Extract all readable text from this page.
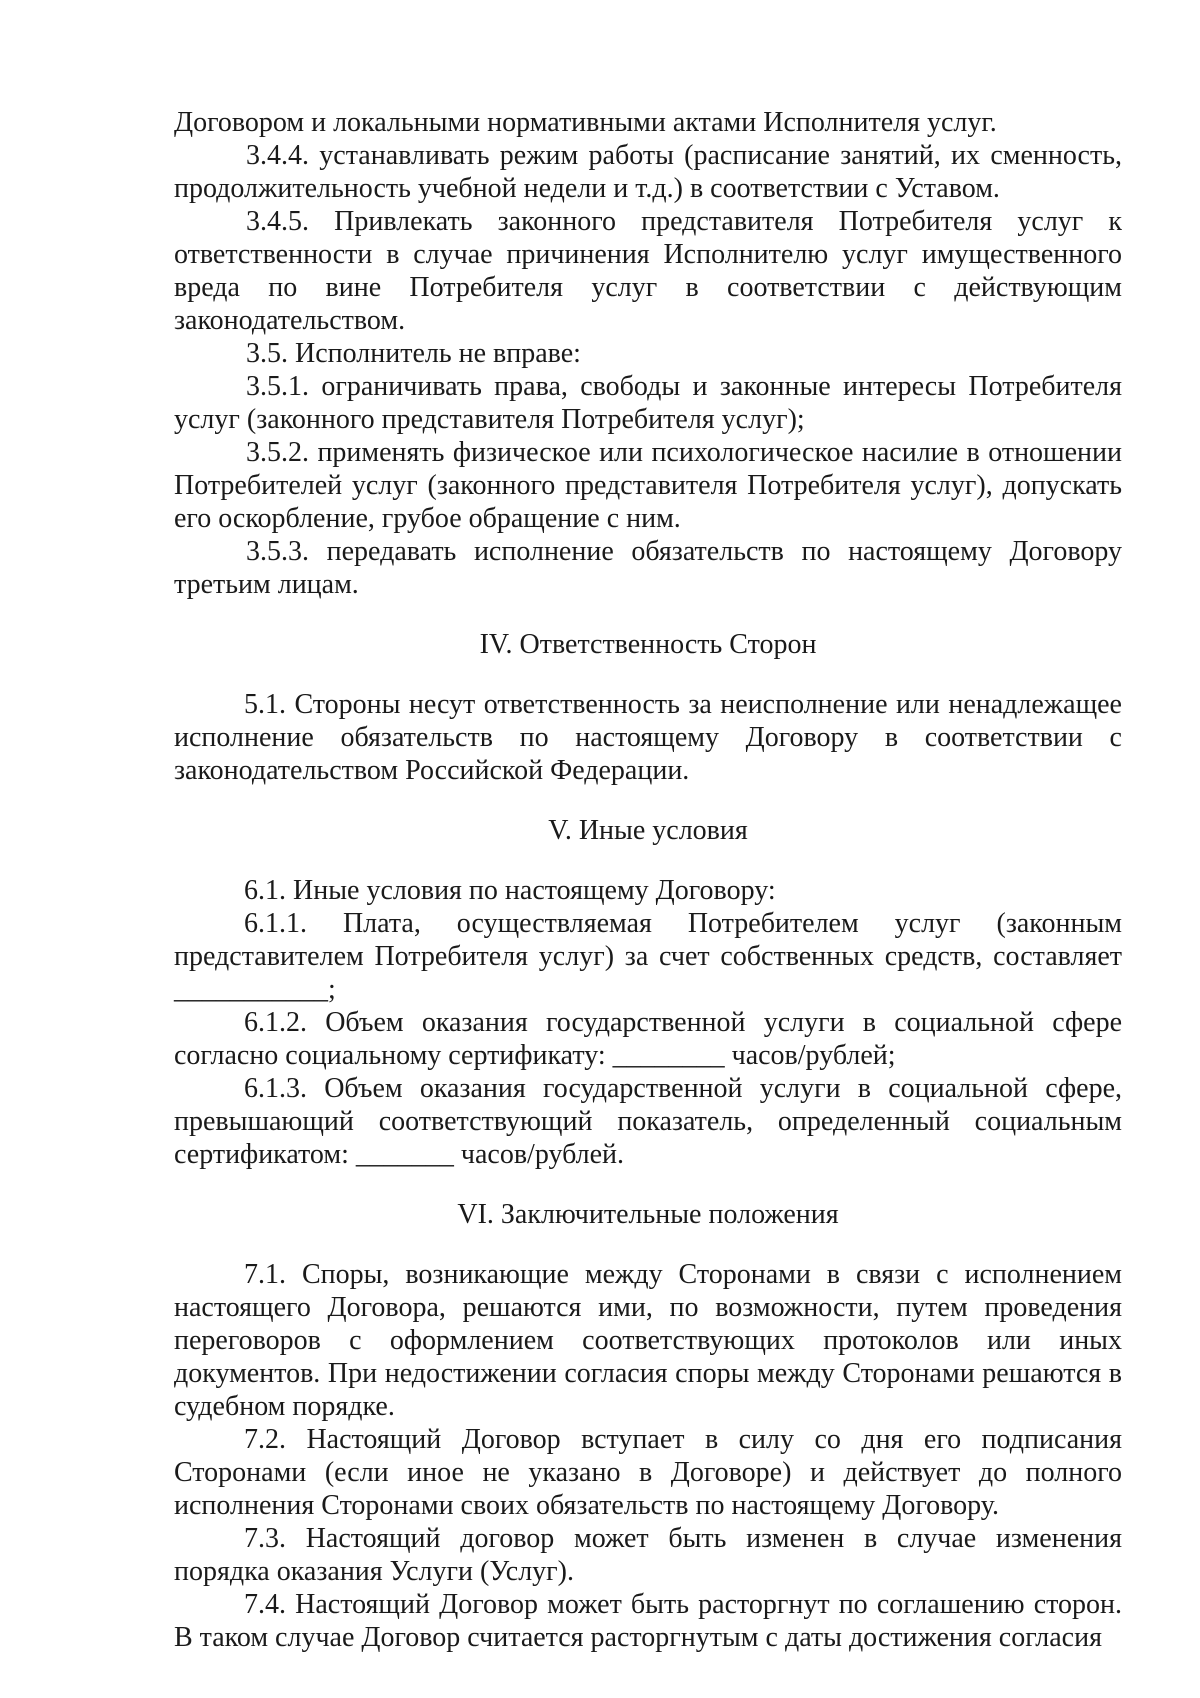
Договором и локальными нормативными актами Исполнителя услуг.

3.4.4. устанавливать режим работы (расписание занятий, их сменность, продолжительность учебной недели и т.д.) в соответствии с Уставом.

3.4.5. Привлекать законного представителя Потребителя услуг к ответственности в случае причинения Исполнителю услуг имущественного вреда по вине Потребителя услуг в соответствии с действующим законодательством.

3.5. Исполнитель не вправе:

3.5.1. ограничивать права, свободы и законные интересы Потребителя услуг (законного представителя Потребителя услуг);

3.5.2. применять физическое или психологическое насилие в отношении Потребителей услуг (законного представителя Потребителя услуг), допускать его оскорбление, грубое обращение с ним.

3.5.3. передавать исполнение обязательств по настоящему Договору третьим лицам.

IV. Ответственность Сторон

5.1. Стороны несут ответственность за неисполнение или ненадлежащее исполнение обязательств по настоящему Договору в соответствии с законодательством Российской Федерации.

V. Иные условия

6.1. Иные условия по настоящему Договору:

6.1.1. Плата, осуществляемая Потребителем услуг (законным представителем Потребителя услуг) за счет собственных средств, составляет ___________;

6.1.2. Объем оказания государственной услуги в социальной сфере согласно социальному сертификату: ________ часов/рублей;

6.1.3. Объем оказания государственной услуги в социальной сфере, превышающий соответствующий показатель, определенный социальным сертификатом: _______ часов/рублей.

VI. Заключительные положения

7.1. Споры, возникающие между Сторонами в связи с исполнением настоящего Договора, решаются ими, по возможности, путем проведения переговоров с оформлением соответствующих протоколов или иных документов. При недостижении согласия споры между Сторонами решаются в судебном порядке.

7.2. Настоящий Договор вступает в силу со дня его подписания Сторонами (если иное не указано в Договоре) и действует до полного исполнения Сторонами своих обязательств по настоящему Договору.

7.3. Настоящий договор может быть изменен в случае изменения порядка оказания Услуги (Услуг).

7.4. Настоящий Договор может быть расторгнут по соглашению сторон. В таком случае Договор считается расторгнутым с даты достижения согласия
